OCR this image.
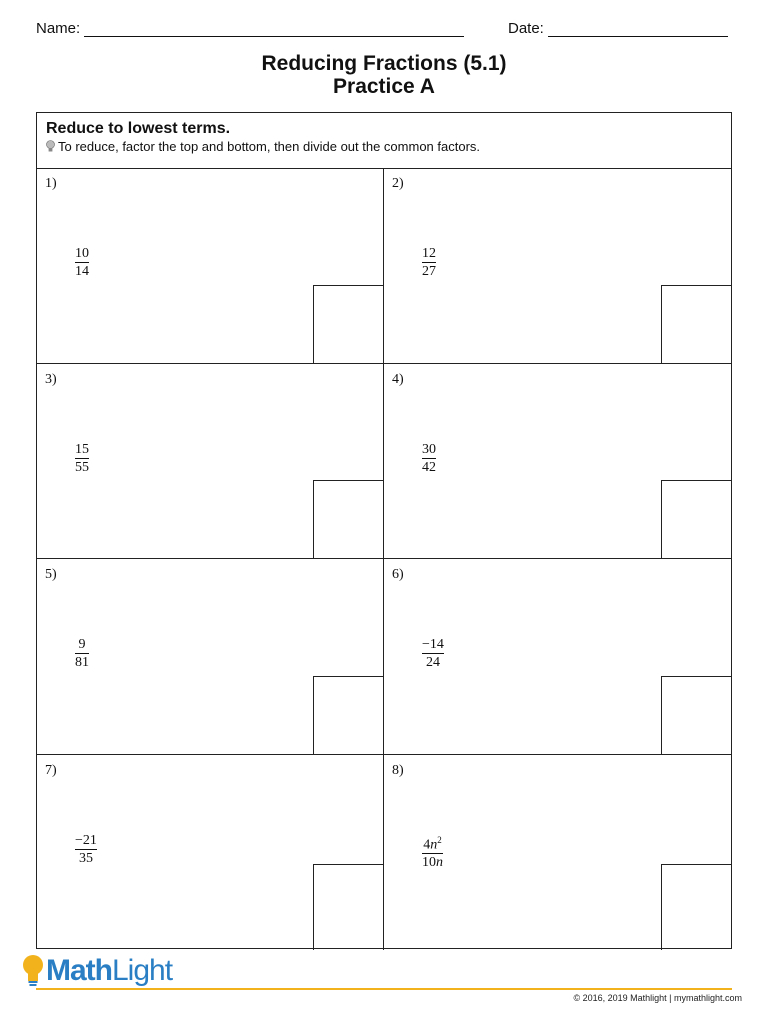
Name:	Date:
Reducing Fractions (5.1)
Practice A
Reduce to lowest terms.
To reduce, factor the top and bottom, then divide out the common factors.
1)
10
14
2)
12
27
3)
15
55
4)
30
42
5)
9
81
6)
−14
24
7)
−21
35
8)
$4n^2$
10n
MathLight
© 2016, 2019 Mathlight | mymathlight.com
